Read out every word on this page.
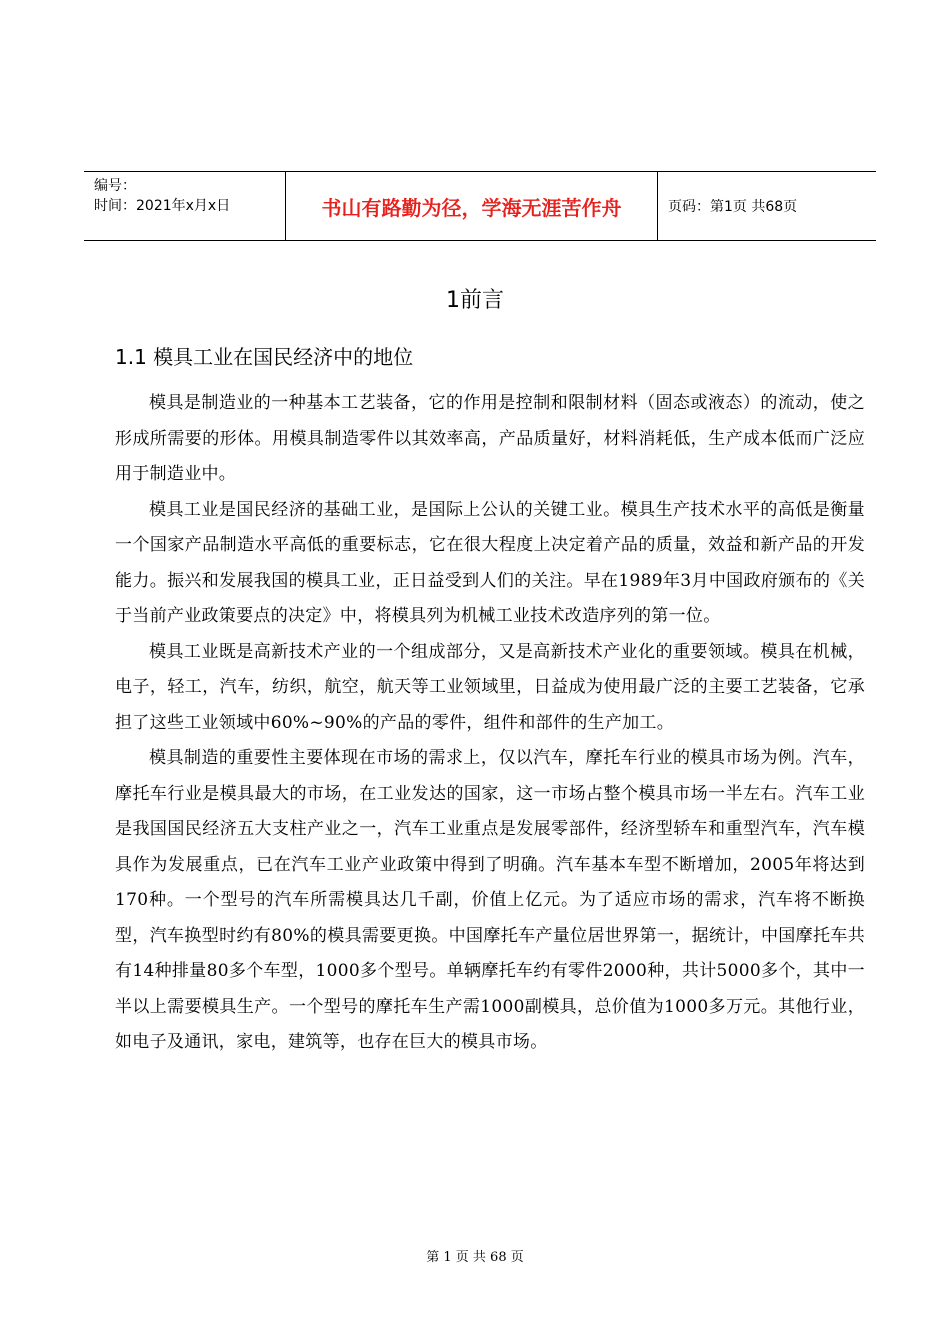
编号：
时间：2021年x月x日	书山有路勤为径，学海无涯苦作舟	页码：第1页 共68页
1前言
1.1 模具工业在国民经济中的地位

模具是制造业的一种基本工艺装备，它的作用是控制和限制材料（固态或液态）的流动，使之形成所需要的形体。用模具制造零件以其效率高，产品质量好，材料消耗低，生产成本低而广泛应用于制造业中。

模具工业是国民经济的基础工业，是国际上公认的关键工业。模具生产技术水平的高低是衡量一个国家产品制造水平高低的重要标志，它在很大程度上决定着产品的质量，效益和新产品的开发能力。振兴和发展我国的模具工业，正日益受到人们的关注。早在1989年3月中国政府颁布的《关于当前产业政策要点的决定》中，将模具列为机械工业技术改造序列的第一位。

模具工业既是高新技术产业的一个组成部分，又是高新技术产业化的重要领域。模具在机械，电子，轻工，汽车，纺织，航空，航天等工业领域里，日益成为使用最广泛的主要工艺装备，它承担了这些工业领域中60%~90%的产品的零件，组件和部件的生产加工。

模具制造的重要性主要体现在市场的需求上，仅以汽车，摩托车行业的模具市场为例。汽车，摩托车行业是模具最大的市场，在工业发达的国家，这一市场占整个模具市场一半左右。汽车工业是我国国民经济五大支柱产业之一，汽车工业重点是发展零部件，经济型轿车和重型汽车，汽车模具作为发展重点，已在汽车工业产业政策中得到了明确。汽车基本车型不断增加，2005年将达到170种。一个型号的汽车所需模具达几千副，价值上亿元。为了适应市场的需求，汽车将不断换型，汽车换型时约有80%的模具需要更换。中国摩托车产量位居世界第一，据统计，中国摩托车共有14种排量80多个车型，1000多个型号。单辆摩托车约有零件2000种，共计5000多个，其中一半以上需要模具生产。一个型号的摩托车生产需1000副模具，总价值为1000多万元。其他行业，如电子及通讯，家电，建筑等，也存在巨大的模具市场。

第 1 页 共 68 页
